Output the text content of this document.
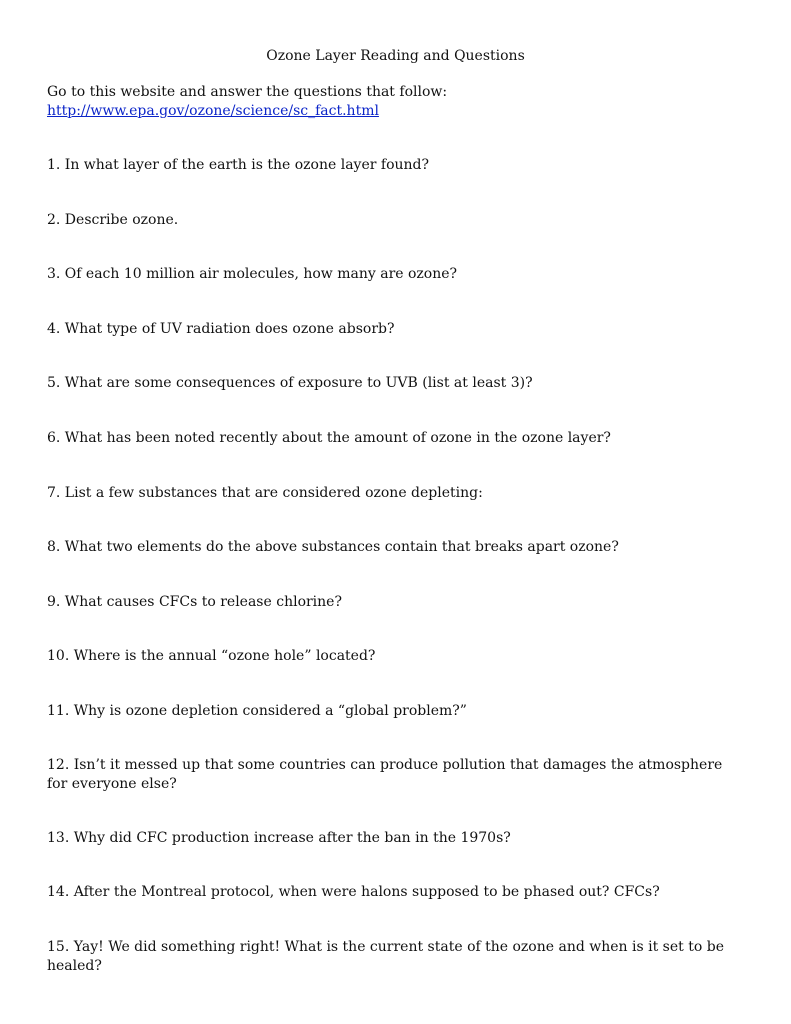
Ozone Layer Reading and Questions
Go to this website and answer the questions that follow:
http://www.epa.gov/ozone/science/sc_fact.html
1. In what layer of the earth is the ozone layer found?
2. Describe ozone.
3. Of each 10 million air molecules, how many are ozone?
4. What type of UV radiation does ozone absorb?
5. What are some consequences of exposure to UVB (list at least 3)?
6. What has been noted recently about the amount of ozone in the ozone layer?
7. List a few substances that are considered ozone depleting:
8. What two elements do the above substances contain that breaks apart ozone?
9. What causes CFCs to release chlorine?
10. Where is the annual “ozone hole” located?
11. Why is ozone depletion considered a “global problem?”
12. Isn’t it messed up that some countries can produce pollution that damages the atmosphere for everyone else?
13. Why did CFC production increase after the ban in the 1970s?
14. After the Montreal protocol, when were halons supposed to be phased out? CFCs?
15. Yay! We did something right! What is the current state of the ozone and when is it set to be healed?
